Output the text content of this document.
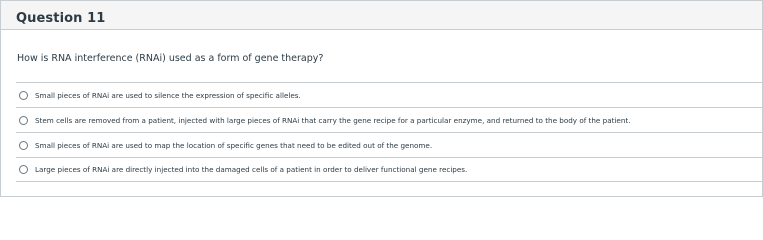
Question 11
How is RNA interference (RNAi) used as a form of gene therapy?
Small pieces of RNAi are used to silence the expression of specific alleles.
Stem cells are removed from a patient, injected with large pieces of RNAi that carry the gene recipe for a particular enzyme, and returned to the body of the patient.
Small pieces of RNAi are used to map the location of specific genes that need to be edited out of the genome.
Large pieces of RNAi are directly injected into the damaged cells of a patient in order to deliver functional gene recipes.
